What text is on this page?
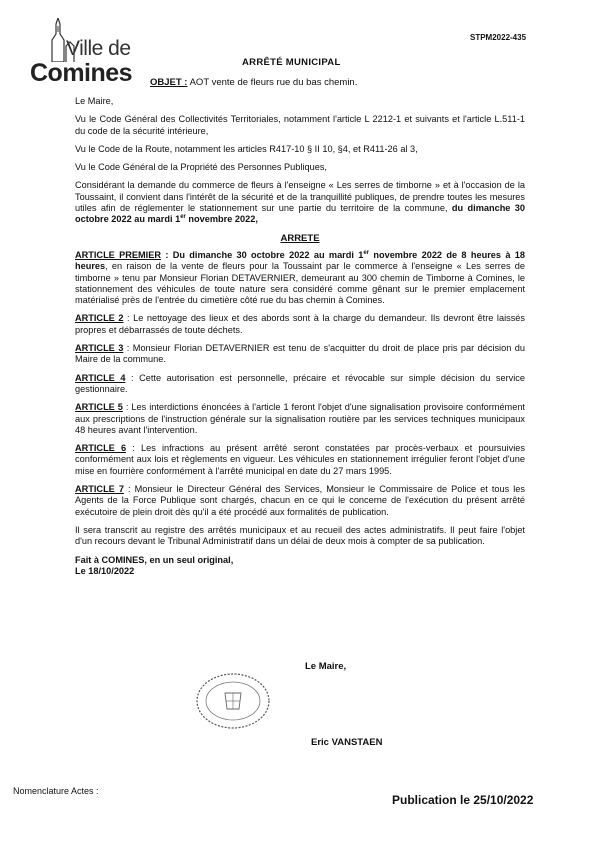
Ville de
Comines
STPM2022-435
ARRÊTÉ MUNICIPAL
OBJET : AOT vente de fleurs rue du bas chemin.

Le Maire,

Vu le Code Général des Collectivités Territoriales, notamment l'article L 2212-1 et suivants et l'article L.511-1 du code de la sécurité intérieure,

Vu le Code de la Route, notamment les articles R417-10 § II 10, §4, et R411-26 al 3,

Vu le Code Général de la Propriété des Personnes Publiques,

Considérant la demande du commerce de fleurs à l'enseigne « Les serres de timborne » et à l'occasion de la Toussaint, il convient dans l'intérêt de la sécurité et de la tranquillité publiques, de prendre toutes les mesures utiles afin de réglementer le stationnement sur une partie du territoire de la commune, du dimanche 30 octobre 2022 au mardi 1er novembre 2022,

ARRETE

ARTICLE PREMIER : Du dimanche 30 octobre 2022 au mardi 1er novembre 2022 de 8 heures à 18 heures, en raison de la vente de fleurs pour la Toussaint par le commerce à l'enseigne « Les serres de timborne » tenu par Monsieur Florian DETAVERNIER, demeurant au 300 chemin de Timborne à Comines, le stationnement des véhicules de toute nature sera considéré comme gênant sur le premier emplacement matérialisé près de l'entrée du cimetière côté rue du bas chemin à Comines.

ARTICLE 2 : Le nettoyage des lieux et des abords sont à la charge du demandeur. Ils devront être laissés propres et débarrassés de toute déchets.

ARTICLE 3 : Monsieur Florian DETAVERNIER est tenu de s'acquitter du droit de place pris par décision du Maire de la commune.

ARTICLE 4 : Cette autorisation est personnelle, précaire et révocable sur simple décision du service gestionnaire.

ARTICLE 5 : Les interdictions énoncées à l'article 1 feront l'objet d'une signalisation provisoire conformément aux prescriptions de l'instruction générale sur la signalisation routière par les services techniques municipaux 48 heures avant l'intervention.

ARTICLE 6 : Les infractions au présent arrêté seront constatées par procès-verbaux et poursuivies conformément aux lois et règlements en vigueur. Les véhicules en stationnement irrégulier feront l'objet d'une mise en fourrière conformément à l'arrêté municipal en date du 27 mars 1995.

ARTICLE 7 : Monsieur le Directeur Général des Services, Monsieur le Commissaire de Police et tous les Agents de la Force Publique sont chargés, chacun en ce qui le concerne de l'exécution du présent arrêté exécutoire de plein droit dès qu'il a été procédé aux formalités de publication.

Il sera transcrit au registre des arrêtés municipaux et au recueil des actes administratifs. Il peut faire l'objet d'un recours devant le Tribunal Administratif dans un délai de deux mois à compter de sa publication.

Fait à COMINES, en un seul original,
Le 18/10/2022
Le Maire,
Eric VANSTAEN
Nomenclature Actes :
Publication le 25/10/2022
